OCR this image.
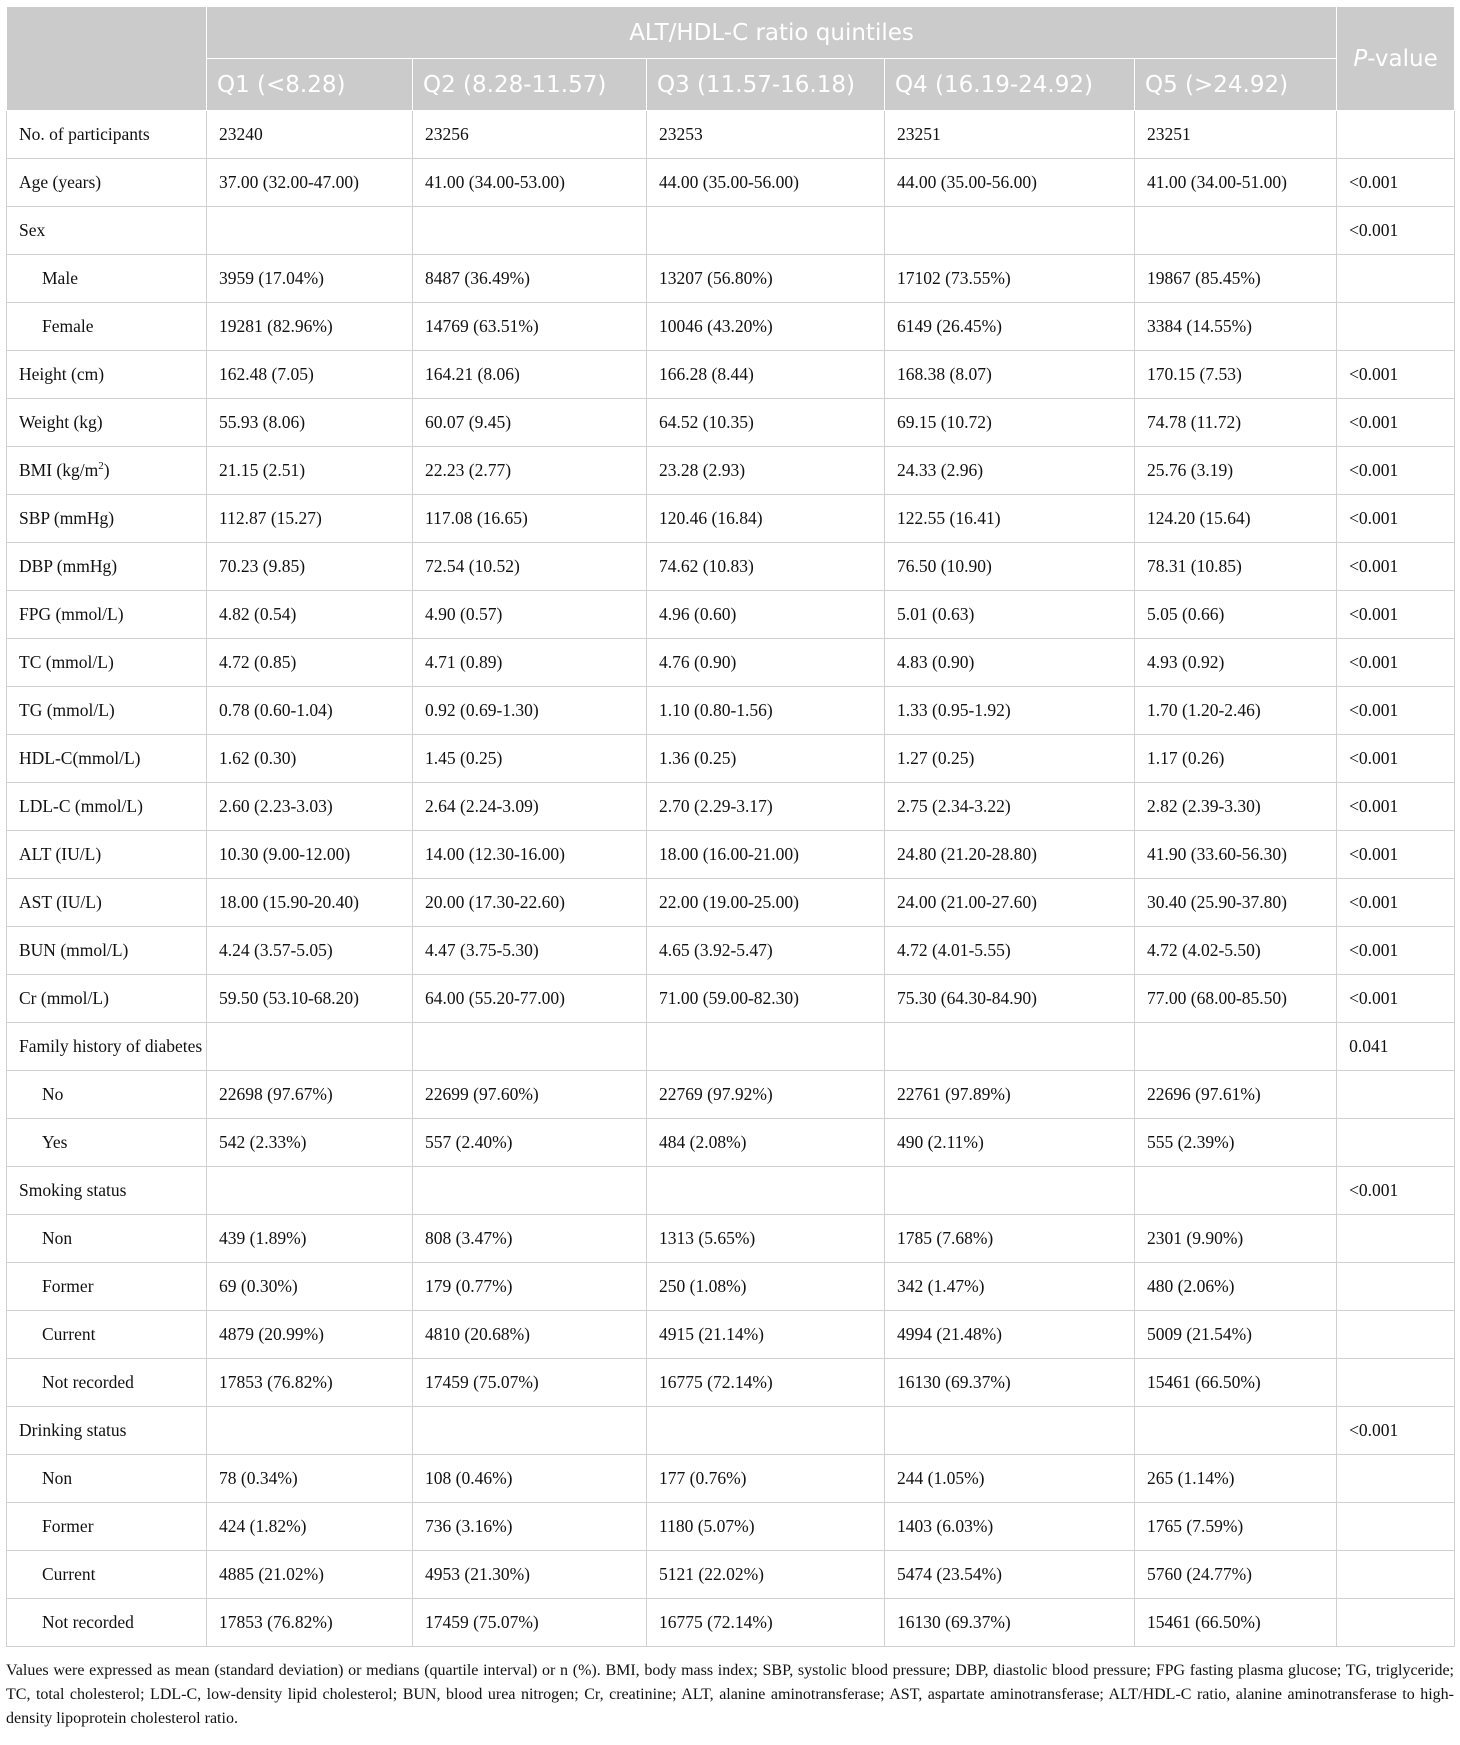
	ALT/HDL-C ratio quintiles					P-value
	Q1 (<8.28)	Q2 (8.28-11.57)	Q3 (11.57-16.18)	Q4 (16.19-24.92)	Q5 (>24.92)	
No. of participants	23240	23256	23253	23251	23251	
Age (years)	37.00 (32.00-47.00)	41.00 (34.00-53.00)	44.00 (35.00-56.00)	44.00 (35.00-56.00)	41.00 (34.00-51.00)	<0.001
Sex						<0.001
Male	3959 (17.04%)	8487 (36.49%)	13207 (56.80%)	17102 (73.55%)	19867 (85.45%)	
Female	19281 (82.96%)	14769 (63.51%)	10046 (43.20%)	6149 (26.45%)	3384 (14.55%)	
Height (cm)	162.48 (7.05)	164.21 (8.06)	166.28 (8.44)	168.38 (8.07)	170.15 (7.53)	<0.001
Weight (kg)	55.93 (8.06)	60.07 (9.45)	64.52 (10.35)	69.15 (10.72)	74.78 (11.72)	<0.001
BMI $(kg/m^2)$	21.15 (2.51)	22.23 (2.77)	23.28 (2.93)	24.33 (2.96)	25.76 (3.19)	<0.001
SBP (mmHg)	112.87 (15.27)	117.08 (16.65)	120.46 (16.84)	122.55 (16.41)	124.20 (15.64)	<0.001
DBP (mmHg)	70.23 (9.85)	72.54 (10.52)	74.62 (10.83)	76.50 (10.90)	78.31 (10.85)	<0.001
FPG (mmol/L)	4.82 (0.54)	4.90 (0.57)	4.96 (0.60)	5.01 (0.63)	5.05 (0.66)	<0.001
TC (mmol/L)	4.72 (0.85)	4.71 (0.89)	4.76 (0.90)	4.83 (0.90)	4.93 (0.92)	<0.001
TG (mmol/L)	0.78 (0.60-1.04)	0.92 (0.69-1.30)	1.10 (0.80-1.56)	1.33 (0.95-1.92)	1.70 (1.20-2.46)	<0.001
HDL-C(mmol/L)	1.62 (0.30)	1.45 (0.25)	1.36 (0.25)	1.27 (0.25)	1.17 (0.26)	<0.001
LDL-C (mmol/L)	2.60 (2.23-3.03)	2.64 (2.24-3.09)	2.70 (2.29-3.17)	2.75 (2.34-3.22)	2.82 (2.39-3.30)	<0.001
ALT (IU/L)	10.30 (9.00-12.00)	14.00 (12.30-16.00)	18.00 (16.00-21.00)	24.80 (21.20-28.80)	41.90 (33.60-56.30)	<0.001
AST (IU/L)	18.00 (15.90-20.40)	20.00 (17.30-22.60)	22.00 (19.00-25.00)	24.00 (21.00-27.60)	30.40 (25.90-37.80)	<0.001
BUN (mmol/L)	4.24 (3.57-5.05)	4.47 (3.75-5.30)	4.65 (3.92-5.47)	4.72 (4.01-5.55)	4.72 (4.02-5.50)	<0.001
Cr (mmol/L)	59.50 (53.10-68.20)	64.00 (55.20-77.00)	71.00 (59.00-82.30)	75.30 (64.30-84.90)	77.00 (68.00-85.50)	<0.001
Family history of diabetes						0.041
No	22698 (97.67%)	22699 (97.60%)	22769 (97.92%)	22761 (97.89%)	22696 (97.61%)	
Yes	542 (2.33%)	557 (2.40%)	484 (2.08%)	490 (2.11%)	555 (2.39%)	
Smoking status						<0.001
Non	439 (1.89%)	808 (3.47%)	1313 (5.65%)	1785 (7.68%)	2301 (9.90%)	
Former	69 (0.30%)	179 (0.77%)	250 (1.08%)	342 (1.47%)	480 (2.06%)	
Current	4879 (20.99%)	4810 (20.68%)	4915 (21.14%)	4994 (21.48%)	5009 (21.54%)	
Not recorded	17853 (76.82%)	17459 (75.07%)	16775 (72.14%)	16130 (69.37%)	15461 (66.50%)	
Drinking status						<0.001
Non	78 (0.34%)	108 (0.46%)	177 (0.76%)	244 (1.05%)	265 (1.14%)	
Former	424 (1.82%)	736 (3.16%)	1180 (5.07%)	1403 (6.03%)	1765 (7.59%)	
Current	4885 (21.02%)	4953 (21.30%)	5121 (22.02%)	5474 (23.54%)	5760 (24.77%)	
Not recorded	17853 (76.82%)	17459 (75.07%)	16775 (72.14%)	16130 (69.37%)	15461 (66.50%)	
Values were expressed as mean (standard deviation) or medians (quartile interval) or n (%). BMI, body mass index; SBP, systolic blood pressure; DBP, diastolic blood pressure; FPG fasting plasma glucose; TG, triglyceride; TC, total cholesterol; LDL-C, low-density lipid cholesterol; BUN, blood urea nitrogen; Cr, creatinine; ALT, alanine aminotransferase; AST, aspartate aminotransferase; ALT/HDL-C ratio, alanine aminotransferase to high-density lipoprotein cholesterol ratio.
